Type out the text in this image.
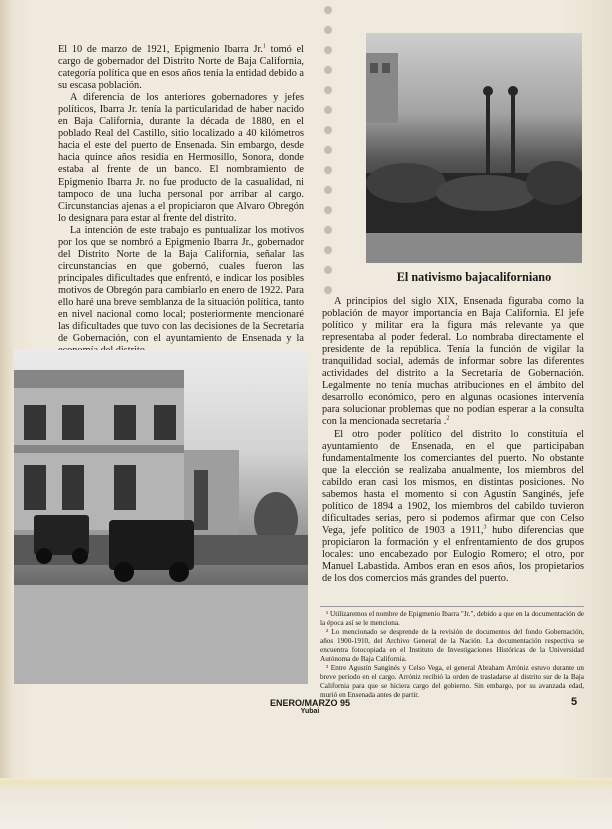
El 10 de marzo de 1921, Epigmenio Ibarra Jr.$^1$ tomó el cargo de gobernador del Distrito Norte de Baja California, categoría política que en esos años tenía la entidad debido a su escasa población.

A diferencia de los anteriores gobernadores y jefes políticos, Ibarra Jr. tenía la particularidad de haber nacido en Baja California, durante la década de 1880, en el poblado Real del Castillo, sitio localizado a 40 kilómetros hacia el este del puerto de Ensenada. Sin embargo, desde hacia quince años residía en Hermosillo, Sonora, donde estaba al frente de un banco. El nombramiento de Epigmenio Ibarra Jr. no fue producto de la casualidad, ni tampoco de una lucha personal por arribar al cargo. Circunstancias ajenas a el propiciaron que Alvaro Obregón lo designara para estar al frente del distrito.

La intención de este trabajo es puntualizar los motivos por los que se nombró a Epigmenio Ibarra Jr., gobernador del Distrito Norte de la Baja California, señalar las circunstancias en que gobernó, cuales fueron las principales dificultades que enfrentó, e indicar los posibles motivos de Obregón para cambiarlo en enero de 1922. Para ello haré una breve semblanza de la situación política, tanto en nivel nacional como local; posteriormente mencionaré las dificultades que tuvo con las decisiones de la Secretaría de Gobernación, con el ayuntamiento de Ensenada y la

El nativismo bajacaliforniano

A principios del siglo XIX, Ensenada figuraba como la población de mayor importancia en Baja California. El jefe político y militar era la figura más relevante ya que representaba al poder federal. Lo nombraba directamente el presidente de la república. Tenía la función de vigilar la tranquilidad social, además de informar sobre las diferentes actividades del distrito a la Secretaría de Gobernación. Legalmente no tenía muchas atribuciones en el ámbito del desarrollo económico, pero en algunas ocasiones intervenía para solucionar problemas que no podían esperar a la consulta con la mencionada secretaría .$^2$

El otro poder político del distrito lo constituía el ayuntamiento de Ensenada, en el que participaban fundamentalmente los comerciantes del puerto. No obstante que la elección se realizaba anualmente, los miembros del cabildo eran casi los mismos, en distintas posiciones. No sabemos hasta el momento si con Agustín Sanginés, jefe político de 1894 a 1902, los miembros del cabildo tuvieron dificultades serias, pero si podemos afirmar que con Celso Vega, jefe político de 1903 a 1911,$^3$ hubo diferencias que propiciaron la formación y el enfrentamiento de dos grupos locales: uno encabezado por Eulogio Romero; el otro, por Manuel Labastida. Ambos eran en esos años, los propietarios de los dos comercios más grandes del puerto.

¹ Utilizaremos el nombre de Epigmenio Ibarra "Jr.", debido a que en la documentación de la época así se le menciona.

² Lo mencionado se desprende de la revisión de documentos del fondo Gobernación, años 1900-1910, del Archivo General de la Nación. La documentación respectiva se encuentra fotocopiada en el Instituto de Investigaciones Históricas de la Universidad Autónoma de Baja California.

³ Entre Agustín Sanginés y Celso Vega, el general Abraham Arróniz estuvo durante un breve periodo en el cargo. Arróniz recibió la orden de trasladarse al distrito sur de la Baja California para que se hiciera cargo del gobierno. Sin embargo, por su avanzada edad, murió en Ensenada antes de partir.

ENERO/MARZO 95
Yubai
5
